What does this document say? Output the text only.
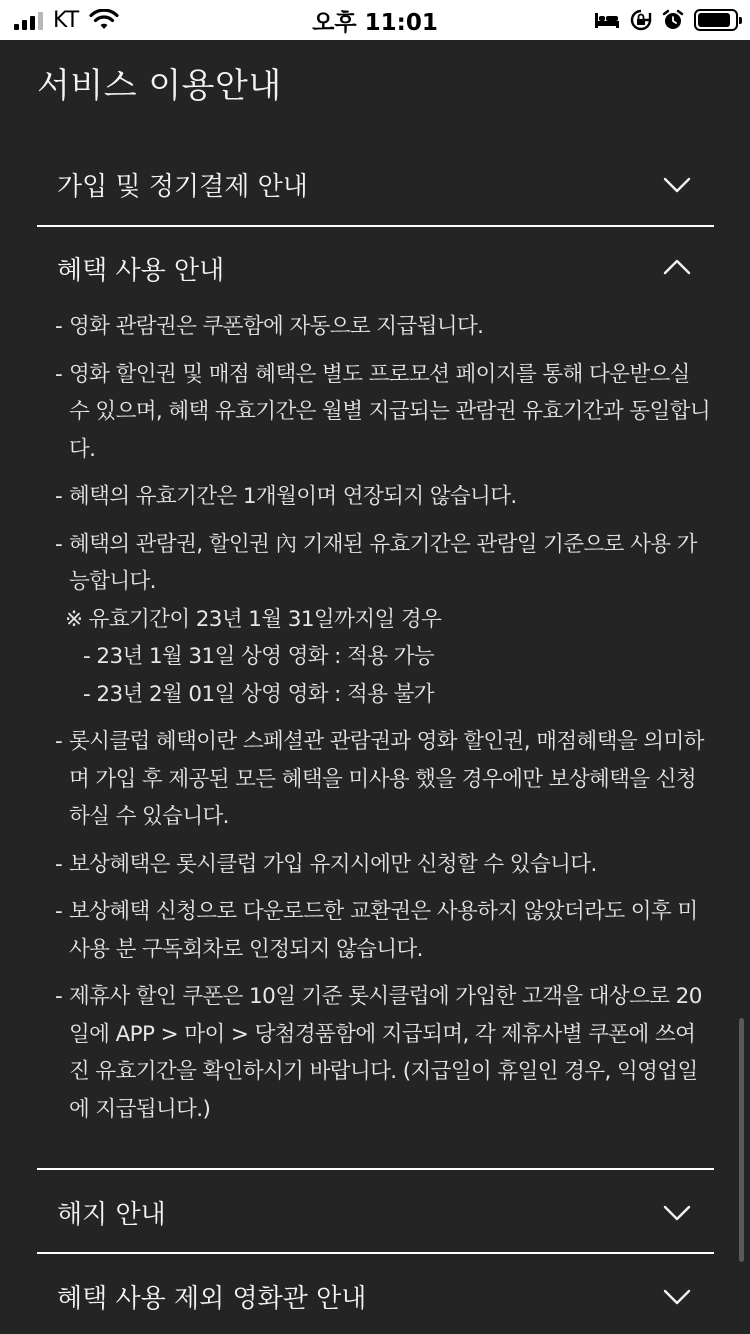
KT	오후 11:01
서비스 이용안내
가입 및 정기결제 안내
혜택 사용 안내
- 영화 관람권은 쿠폰함에 자동으로 지급됩니다.
- 영화 할인권 및 매점 혜택은 별도 프로모션 페이지를 통해 다운받으실 수 있으며, 혜택 유효기간은 월별 지급되는 관람권 유효기간과 동일합니다.
- 혜택의 유효기간은 1개월이며 연장되지 않습니다.
- 혜택의 관람권, 할인권 內 기재된 유효기간은 관람일 기준으로 사용 가능합니다.
※ 유효기간이 23년 1월 31일까지일 경우
- 23년 1월 31일 상영 영화 : 적용 가능
- 23년 2월 01일 상영 영화 : 적용 불가
- 롯시클럽 혜택이란 스페셜관 관람권과 영화 할인권, 매점혜택을 의미하며 가입 후 제공된 모든 혜택을 미사용 했을 경우에만 보상혜택을 신청하실 수 있습니다.
- 보상혜택은 롯시클럽 가입 유지시에만 신청할 수 있습니다.
- 보상혜택 신청으로 다운로드한 교환권은 사용하지 않았더라도 이후 미사용 분 구독회차로 인정되지 않습니다.
- 제휴사 할인 쿠폰은 10일 기준 롯시클럽에 가입한 고객을 대상으로 20일에 APP > 마이 > 당첨경품함에 지급되며, 각 제휴사별 쿠폰에 쓰여진 유효기간을 확인하시기 바랍니다. (지급일이 휴일인 경우, 익영업일에 지급됩니다.)
해지 안내
혜택 사용 제외 영화관 안내
